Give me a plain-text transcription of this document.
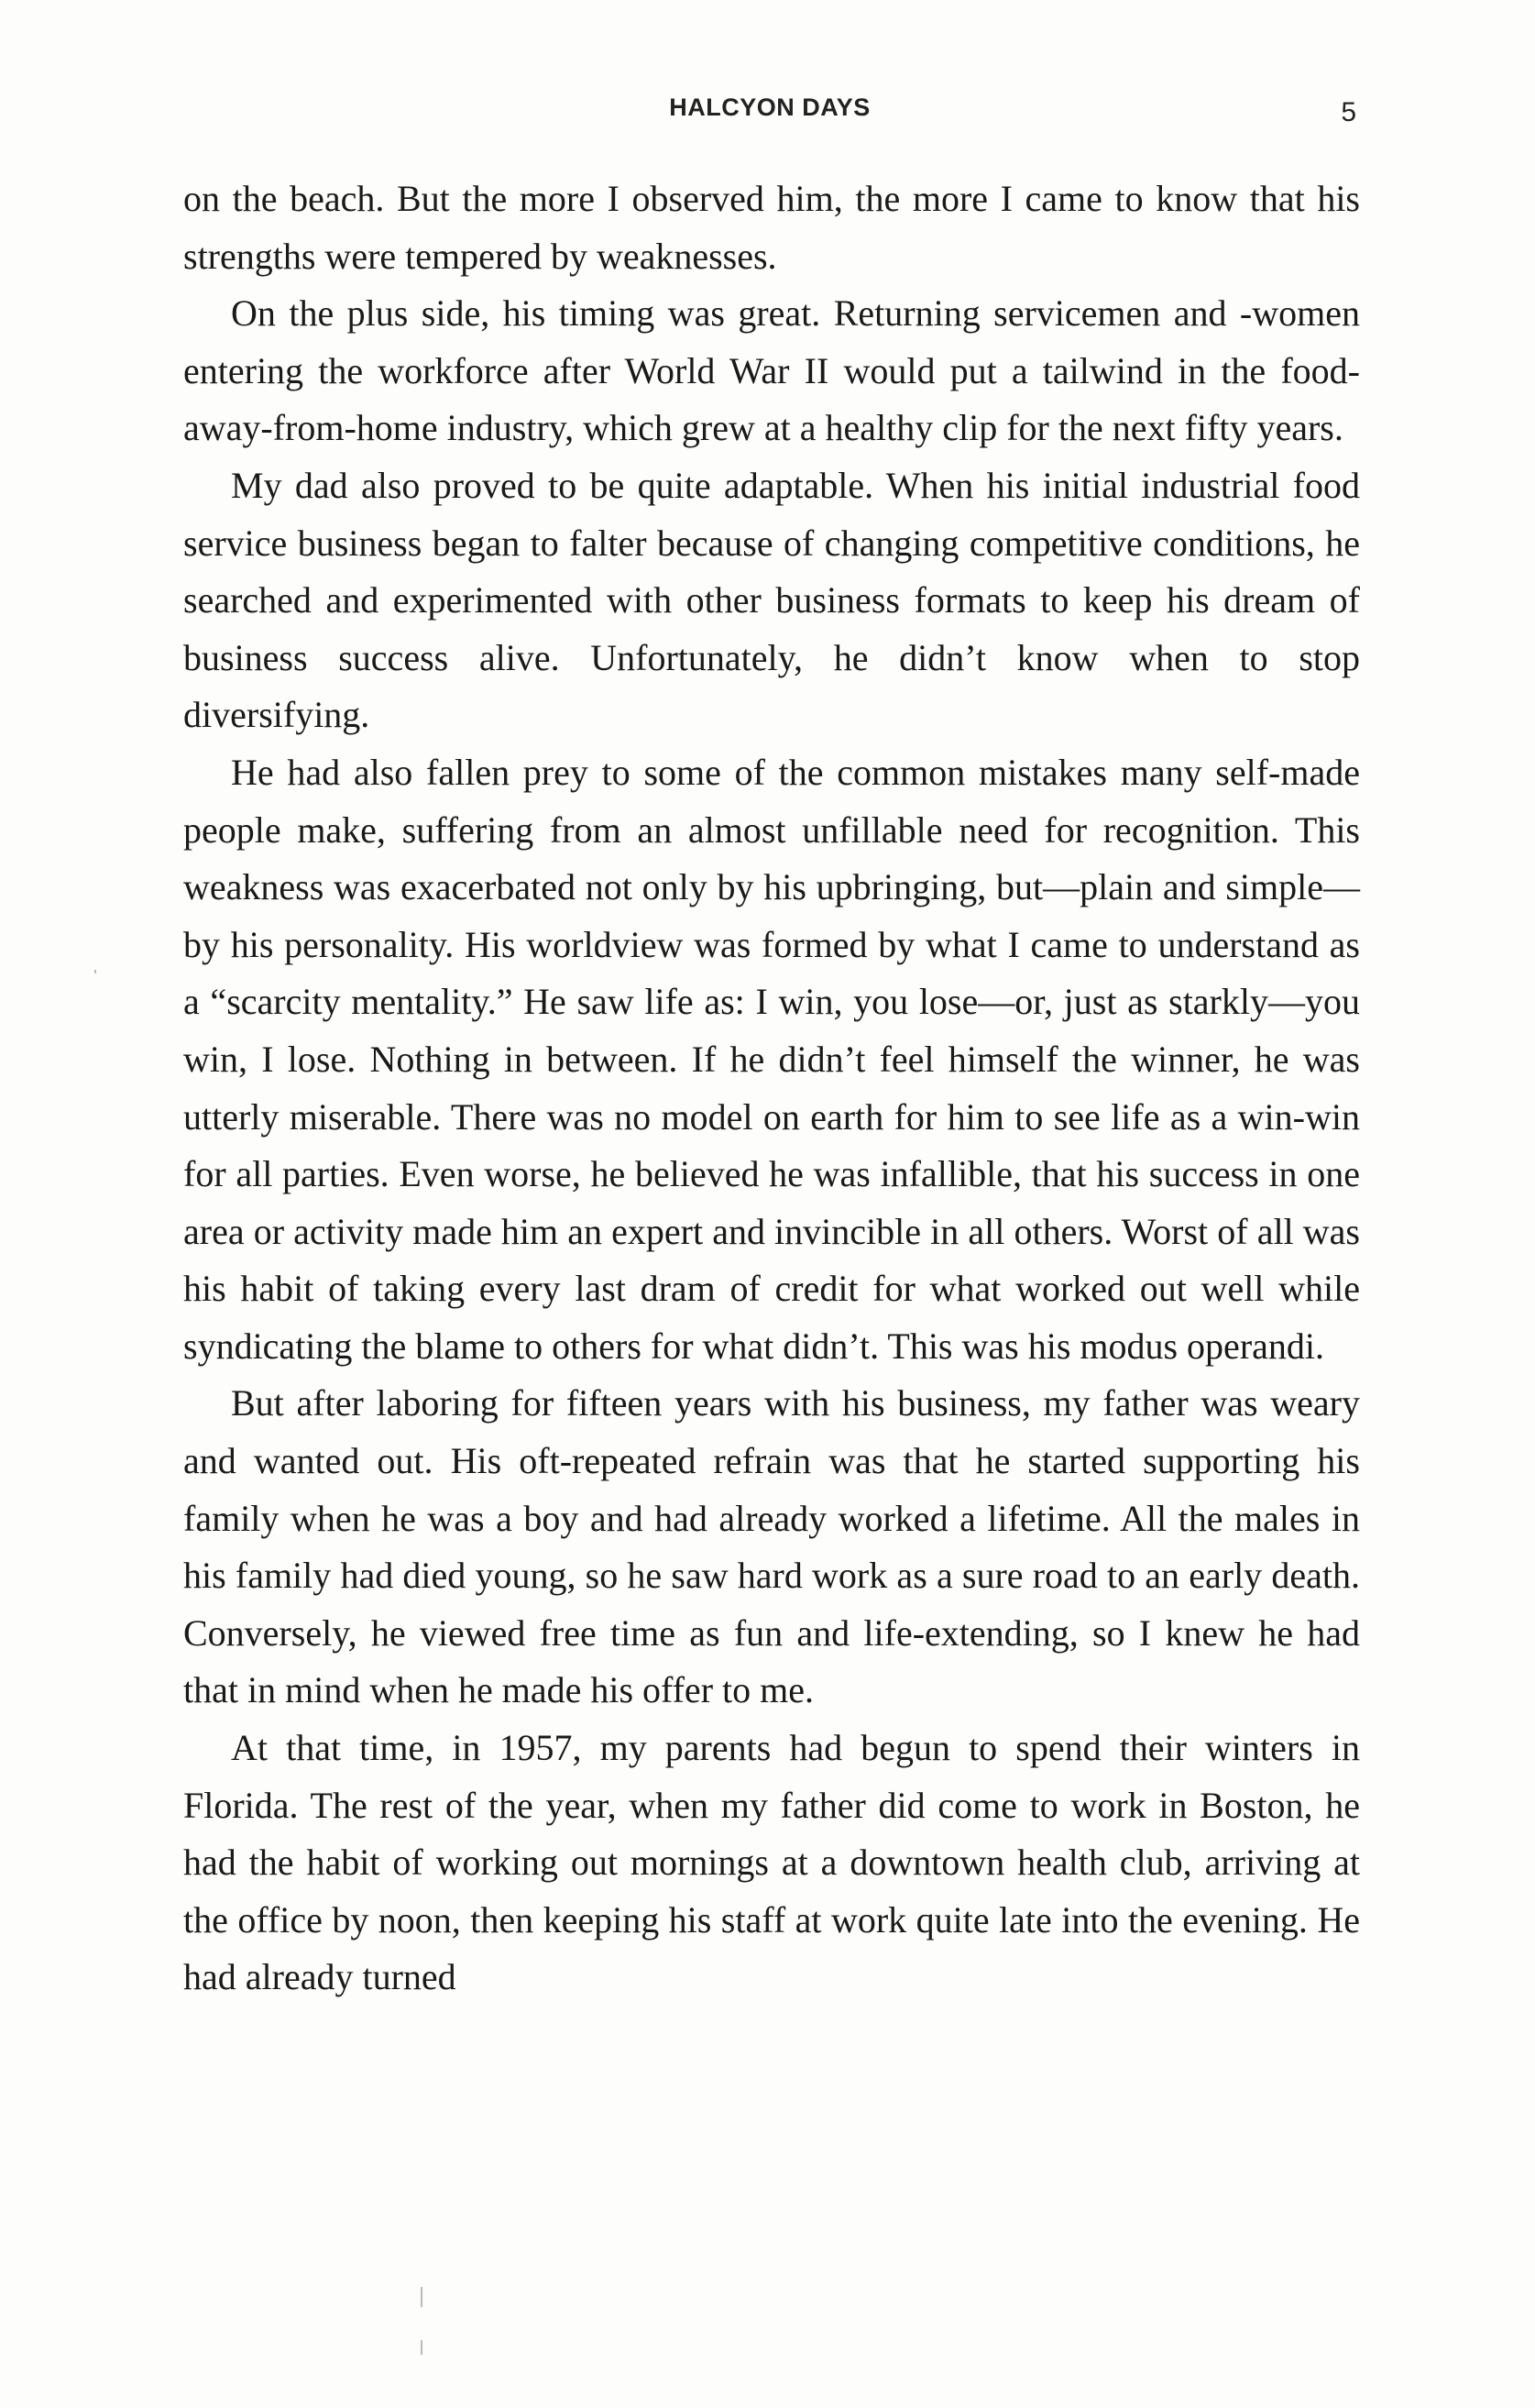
HALCYON DAYS	5

on the beach. But the more I observed him, the more I came to know that his strengths were tempered by weaknesses.

On the plus side, his timing was great. Returning servicemen and -women entering the workforce after World War II would put a tailwind in the food-away-from-home industry, which grew at a healthy clip for the next fifty years.

My dad also proved to be quite adaptable. When his initial industrial food service business began to falter because of changing competitive conditions, he searched and experimented with other business formats to keep his dream of business success alive. Unfortunately, he didn’t know when to stop diversifying.

He had also fallen prey to some of the common mistakes many self-made people make, suffering from an almost unfillable need for recognition. This weakness was exacerbated not only by his upbringing, but—plain and simple—by his personality. His worldview was formed by what I came to understand as a “scarcity mentality.” He saw life as: I win, you lose—or, just as starkly—you win, I lose. Nothing in between. If he didn’t feel himself the winner, he was utterly miserable. There was no model on earth for him to see life as a win-win for all parties. Even worse, he believed he was infallible, that his success in one area or activity made him an expert and invincible in all others. Worst of all was his habit of taking every last dram of credit for what worked out well while syndicating the blame to others for what didn’t. This was his modus operandi.

But after laboring for fifteen years with his business, my father was weary and wanted out. His oft-repeated refrain was that he started supporting his family when he was a boy and had already worked a lifetime. All the males in his family had died young, so he saw hard work as a sure road to an early death. Conversely, he viewed free time as fun and life-extending, so I knew he had that in mind when he made his offer to me.

At that time, in 1957, my parents had begun to spend their winters in Florida. The rest of the year, when my father did come to work in Boston, he had the habit of working out mornings at a downtown health club, arriving at the office by noon, then keeping his staff at work quite late into the evening. He had already turned
